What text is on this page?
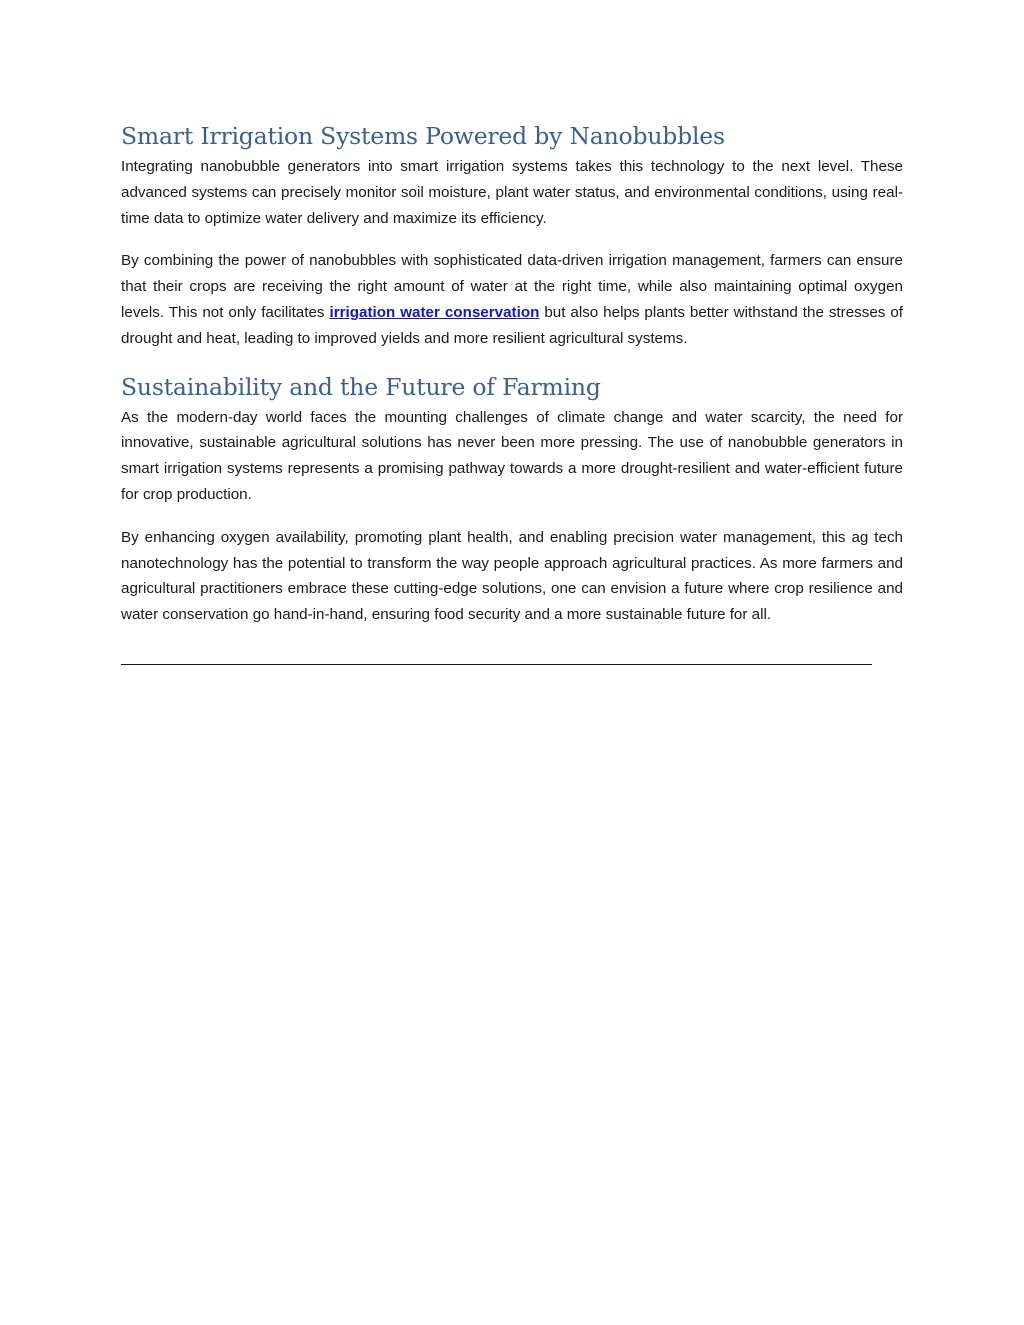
Smart Irrigation Systems Powered by Nanobubbles

Integrating nanobubble generators into smart irrigation systems takes this technology to the next level. These advanced systems can precisely monitor soil moisture, plant water status, and environmental conditions, using real-time data to optimize water delivery and maximize its efficiency.

By combining the power of nanobubbles with sophisticated data-driven irrigation management, farmers can ensure that their crops are receiving the right amount of water at the right time, while also maintaining optimal oxygen levels. This not only facilitates irrigation water conservation but also helps plants better withstand the stresses of drought and heat, leading to improved yields and more resilient agricultural systems.

Sustainability and the Future of Farming

As the modern-day world faces the mounting challenges of climate change and water scarcity, the need for innovative, sustainable agricultural solutions has never been more pressing. The use of nanobubble generators in smart irrigation systems represents a promising pathway towards a more drought-resilient and water-efficient future for crop production.

By enhancing oxygen availability, promoting plant health, and enabling precision water management, this ag tech nanotechnology has the potential to transform the way people approach agricultural practices. As more farmers and agricultural practitioners embrace these cutting-edge solutions, one can envision a future where crop resilience and water conservation go hand-in-hand, ensuring food security and a more sustainable future for all.
